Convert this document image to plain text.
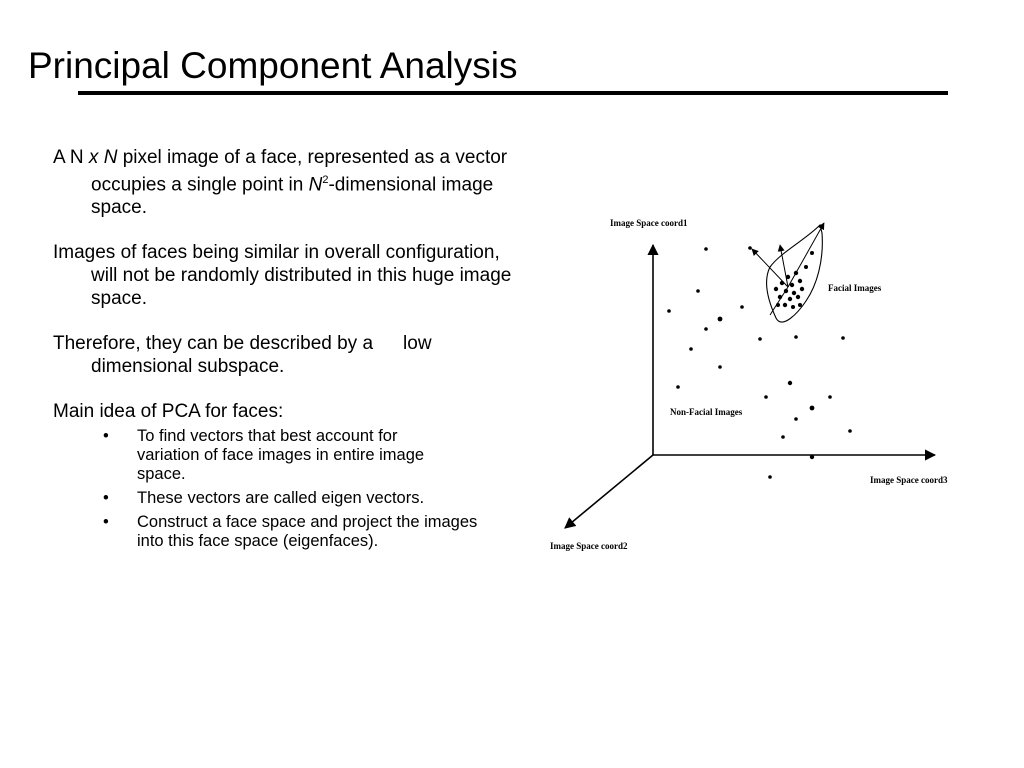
Principal Component Analysis

A N x N pixel image of a face, represented as a vector occupies a single point in $N^2$-dimensional image space.

Images of faces being similar in overall configuration, will not be randomly distributed in this huge image space.

Therefore, they can be described by a low dimensional subspace.

Main idea of PCA for faces:

• To find vectors that best account for variation of face images in entire image space.
• These vectors are called eigen vectors.
• Construct a face space and project the images into this face space (eigenfaces).
Image Space coord1
Image Space coord3
Image Space coord2
Facial Images
Non-Facial Images
